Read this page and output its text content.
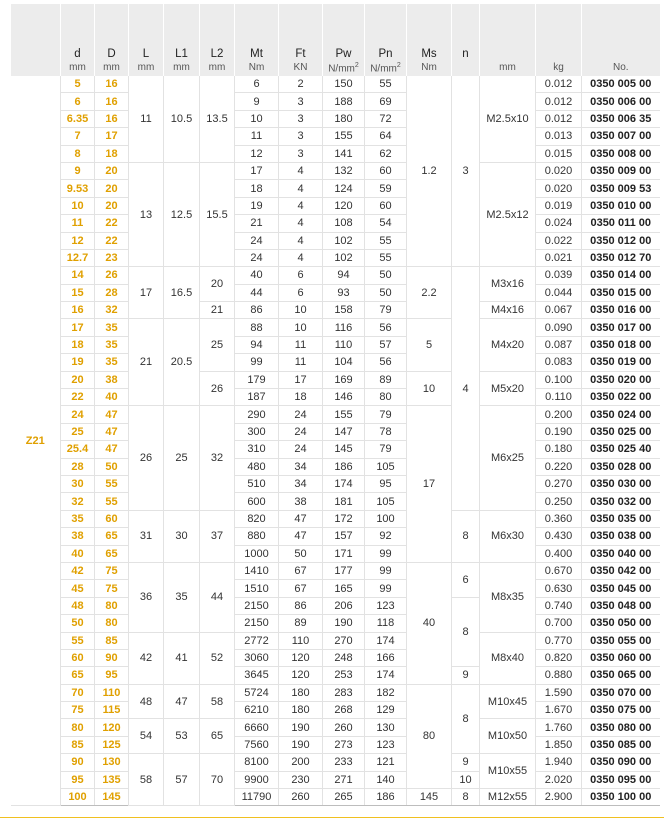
	d	D	L	L1	L2	Mt	Ft	Pw	Pn	Ms	n			
	mm	mm	mm	mm	mm	Nm	KN	$N/mm^2$	$N/mm^2$	Nm		mm	kg	No.
Z21	5	16	11	10.5	13.5	6	2	150	55	1.2	3	M2.5x10	0.012	0350 005 00
	6	16				9	3	188	69				0.012	0350 006 00
	6.35	16				10	3	180	72				0.012	0350 006 35
	7	17				11	3	155	64				0.013	0350 007 00
	8	18				12	3	141	62				0.015	0350 008 00
	9	20	13	12.5	15.5	17	4	132	60			M2.5x12	0.020	0350 009 00
	9.53	20				18	4	124	59				0.020	0350 009 53
	10	20				19	4	120	60				0.019	0350 010 00
	11	22				21	4	108	54				0.024	0350 011 00
	12	22				24	4	102	55				0.022	0350 012 00
	12.7	23				24	4	102	55				0.021	0350 012 70
	14	26	17	16.5	20	40	6	94	50	2.2	4	M3x16	0.039	0350 014 00
	15	28				44	6	93	50				0.044	0350 015 00
	16	32			21	86	10	158	79			M4x16	0.067	0350 016 00
	17	35	21	20.5	25	88	10	116	56	5		M4x20	0.090	0350 017 00
	18	35				94	11	110	57				0.087	0350 018 00
	19	35				99	11	104	56				0.083	0350 019 00
	20	38			26	179	17	169	89	10		M5x20	0.100	0350 020 00
	22	40				187	18	146	80				0.110	0350 022 00
	24	47	26	25	32	290	24	155	79	17		M6x25	0.200	0350 024 00
	25	47				300	24	147	78				0.190	0350 025 00
	25.4	47				310	24	145	79				0.180	0350 025 40
	28	50				480	34	186	105				0.220	0350 028 00
	30	55				510	34	174	95				0.270	0350 030 00
	32	55				600	38	181	105				0.250	0350 032 00
	35	60	31	30	37	820	47	172	100		8	M6x30	0.360	0350 035 00
	38	65				880	47	157	92				0.430	0350 038 00
	40	65				1000	50	171	99				0.400	0350 040 00
	42	75	36	35	44	1410	67	177	99	40	6	M8x35	0.670	0350 042 00
	45	75				1510	67	165	99				0.630	0350 045 00
	48	80				2150	86	206	123		8		0.740	0350 048 00
	50	80				2150	89	190	118				0.700	0350 050 00
	55	85	42	41	52	2772	110	270	174			M8x40	0.770	0350 055 00
	60	90				3060	120	248	166				0.820	0350 060 00
	65	95				3645	120	253	174		9		0.880	0350 065 00
	70	110	48	47	58	5724	180	283	182	80	8	M10x45	1.590	0350 070 00
	75	115				6210	180	268	129				1.670	0350 075 00
	80	120	54	53	65	6660	190	260	130			M10x50	1.760	0350 080 00
	85	125				7560	190	273	123				1.850	0350 085 00
	90	130	58	57	70	8100	200	233	121		9	M10x55	1.940	0350 090 00
	95	135				9900	230	271	140		10		2.020	0350 095 00
	100	145				11790	260	265	186	145	8	M12x55	2.900	0350 100 00
